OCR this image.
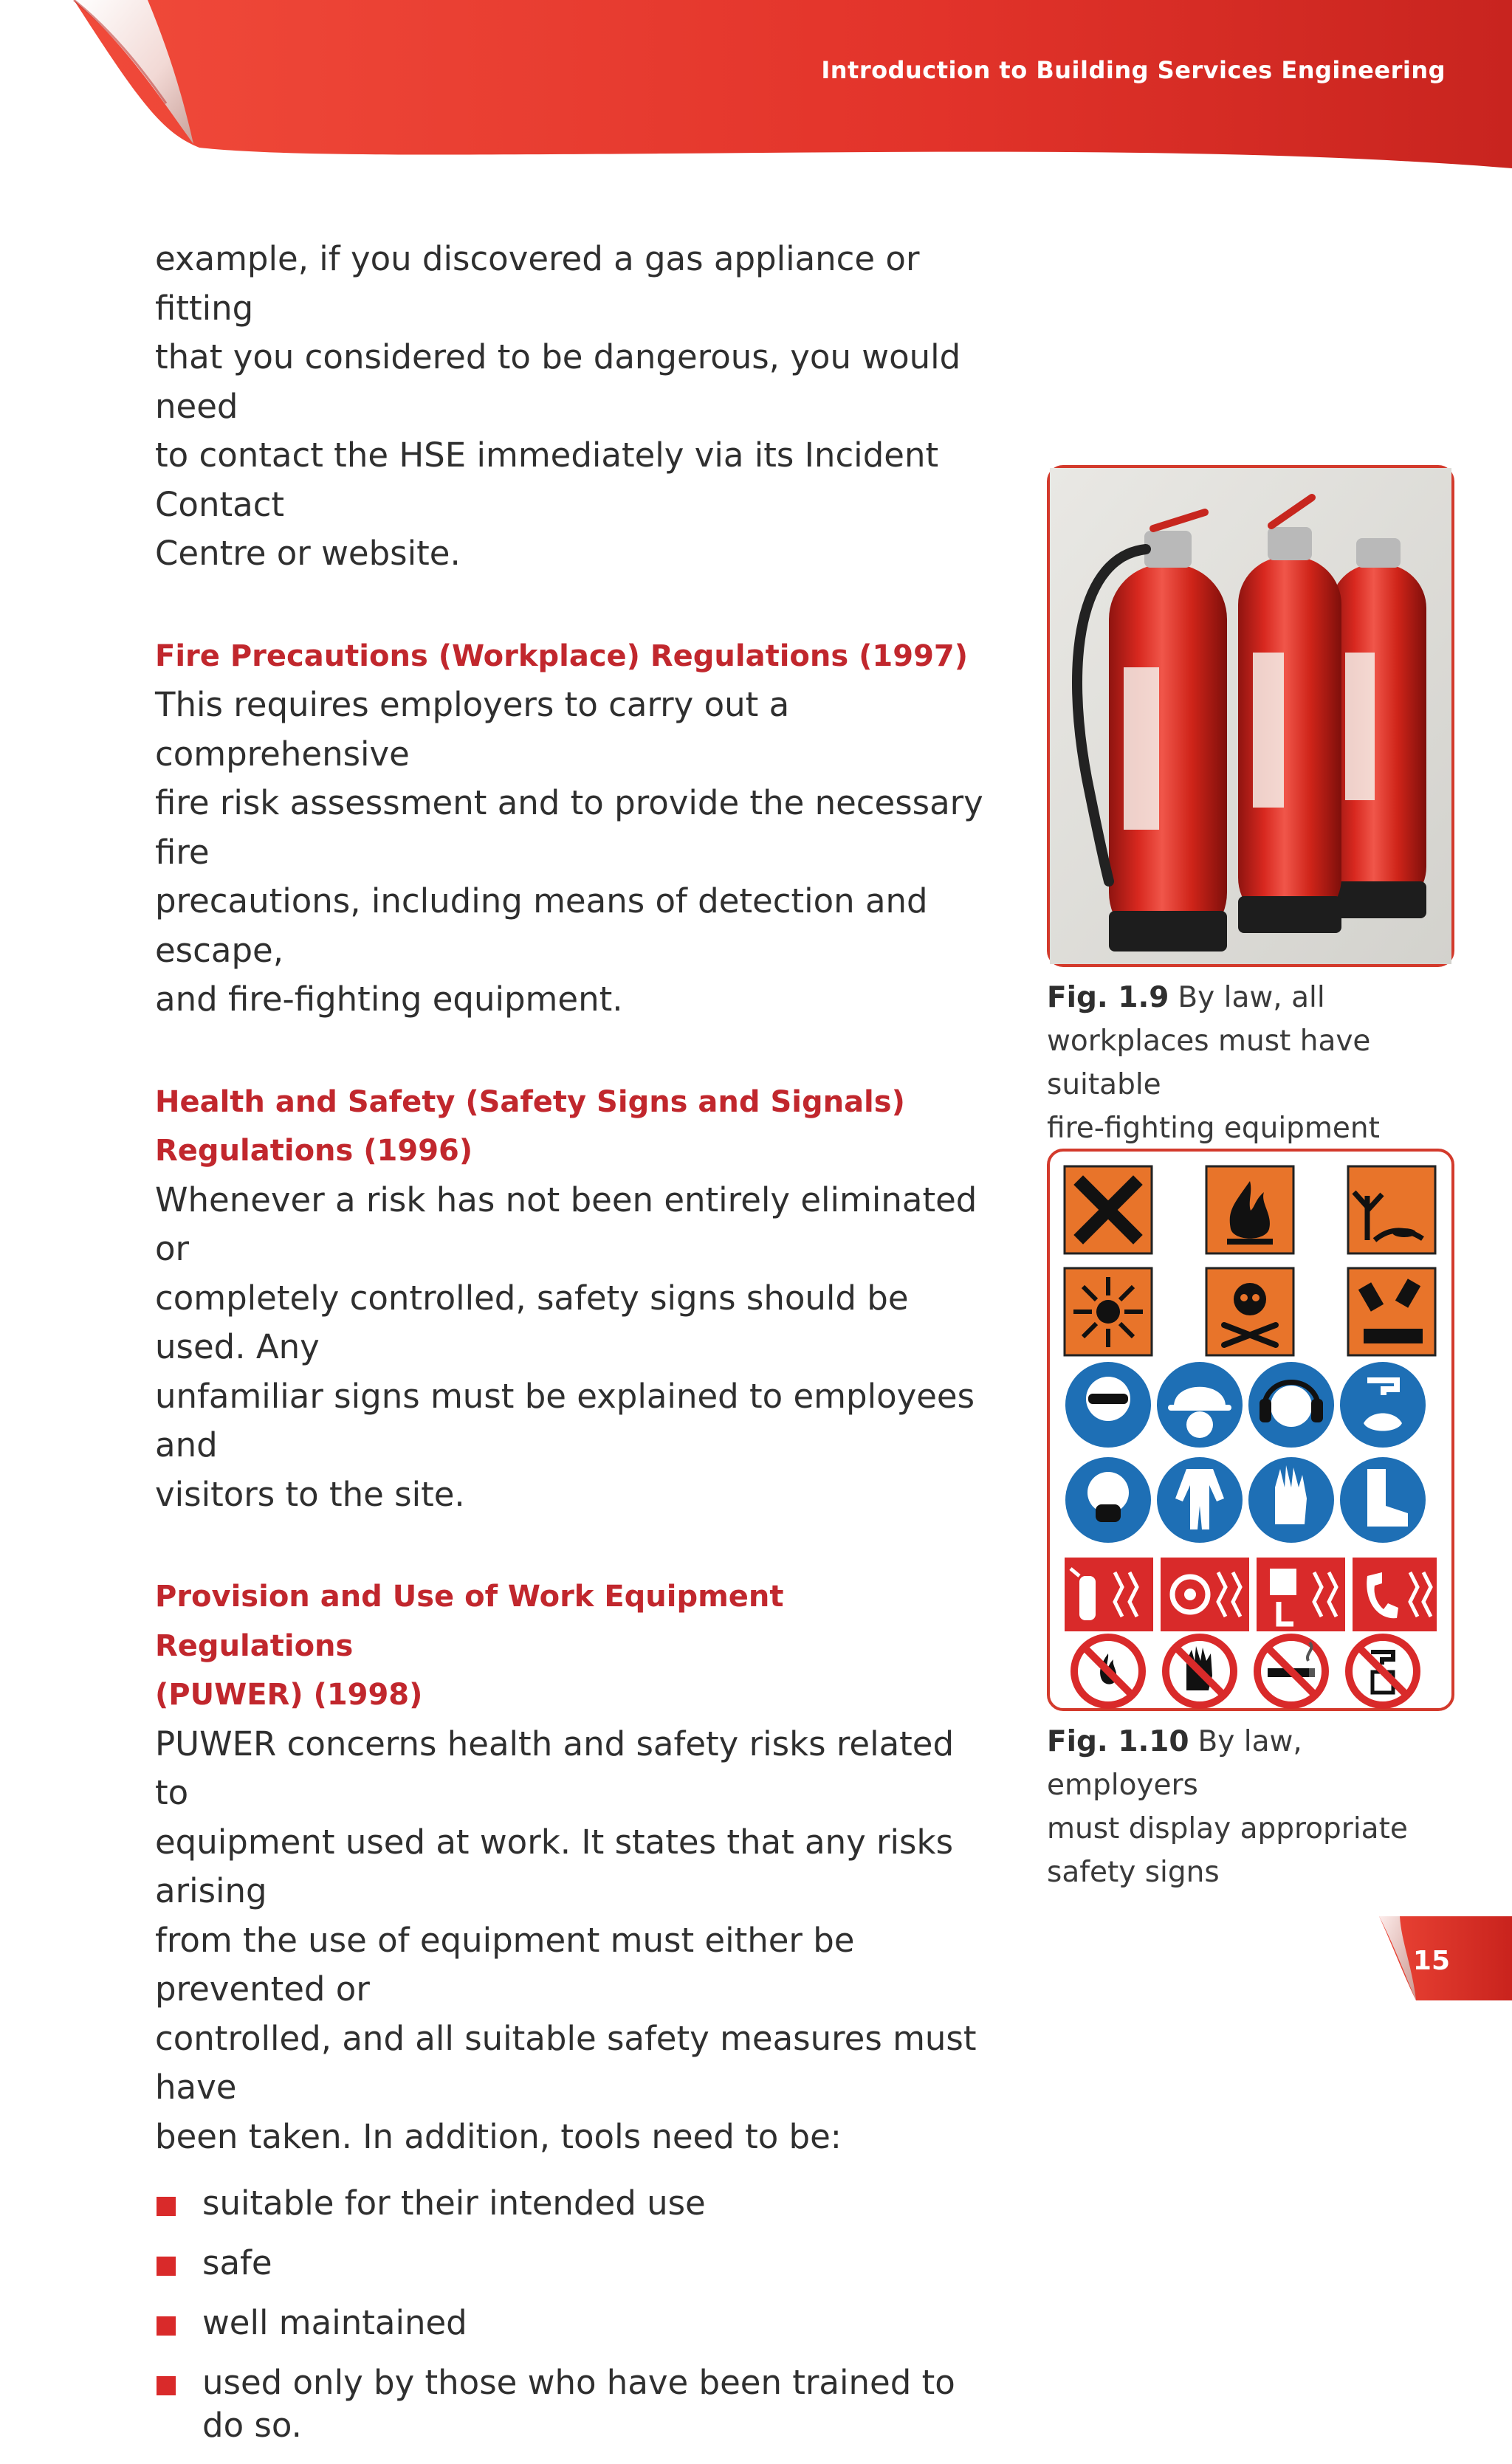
Introduction to Building Services Engineering
example, if you discovered a gas appliance or fitting
that you considered to be dangerous, you would need
to contact the HSE immediately via its Incident Contact
Centre or website.
Fire Precautions (Workplace) Regulations (1997)
This requires employers to carry out a comprehensive
fire risk assessment and to provide the necessary fire
precautions, including means of detection and escape,
and fire-fighting equipment.
Health and Safety (Safety Signs and Signals)
Regulations (1996)
Whenever a risk has not been entirely eliminated or
completely controlled, safety signs should be used. Any
unfamiliar signs must be explained to employees and
visitors to the site.
Provision and Use of Work Equipment Regulations
(PUWER) (1998)
PUWER concerns health and safety risks related to
equipment used at work. It states that any risks arising
from the use of equipment must either be prevented or
controlled, and all suitable safety measures must have
been taken. In addition, tools need to be:
suitable for their intended use
safe
well maintained
used only by those who have been trained to do so.
Fig. 1.9 By law, all
workplaces must have suitable
fire-fighting equipment
Fig. 1.10 By law, employers
must display appropriate
safety signs
15
